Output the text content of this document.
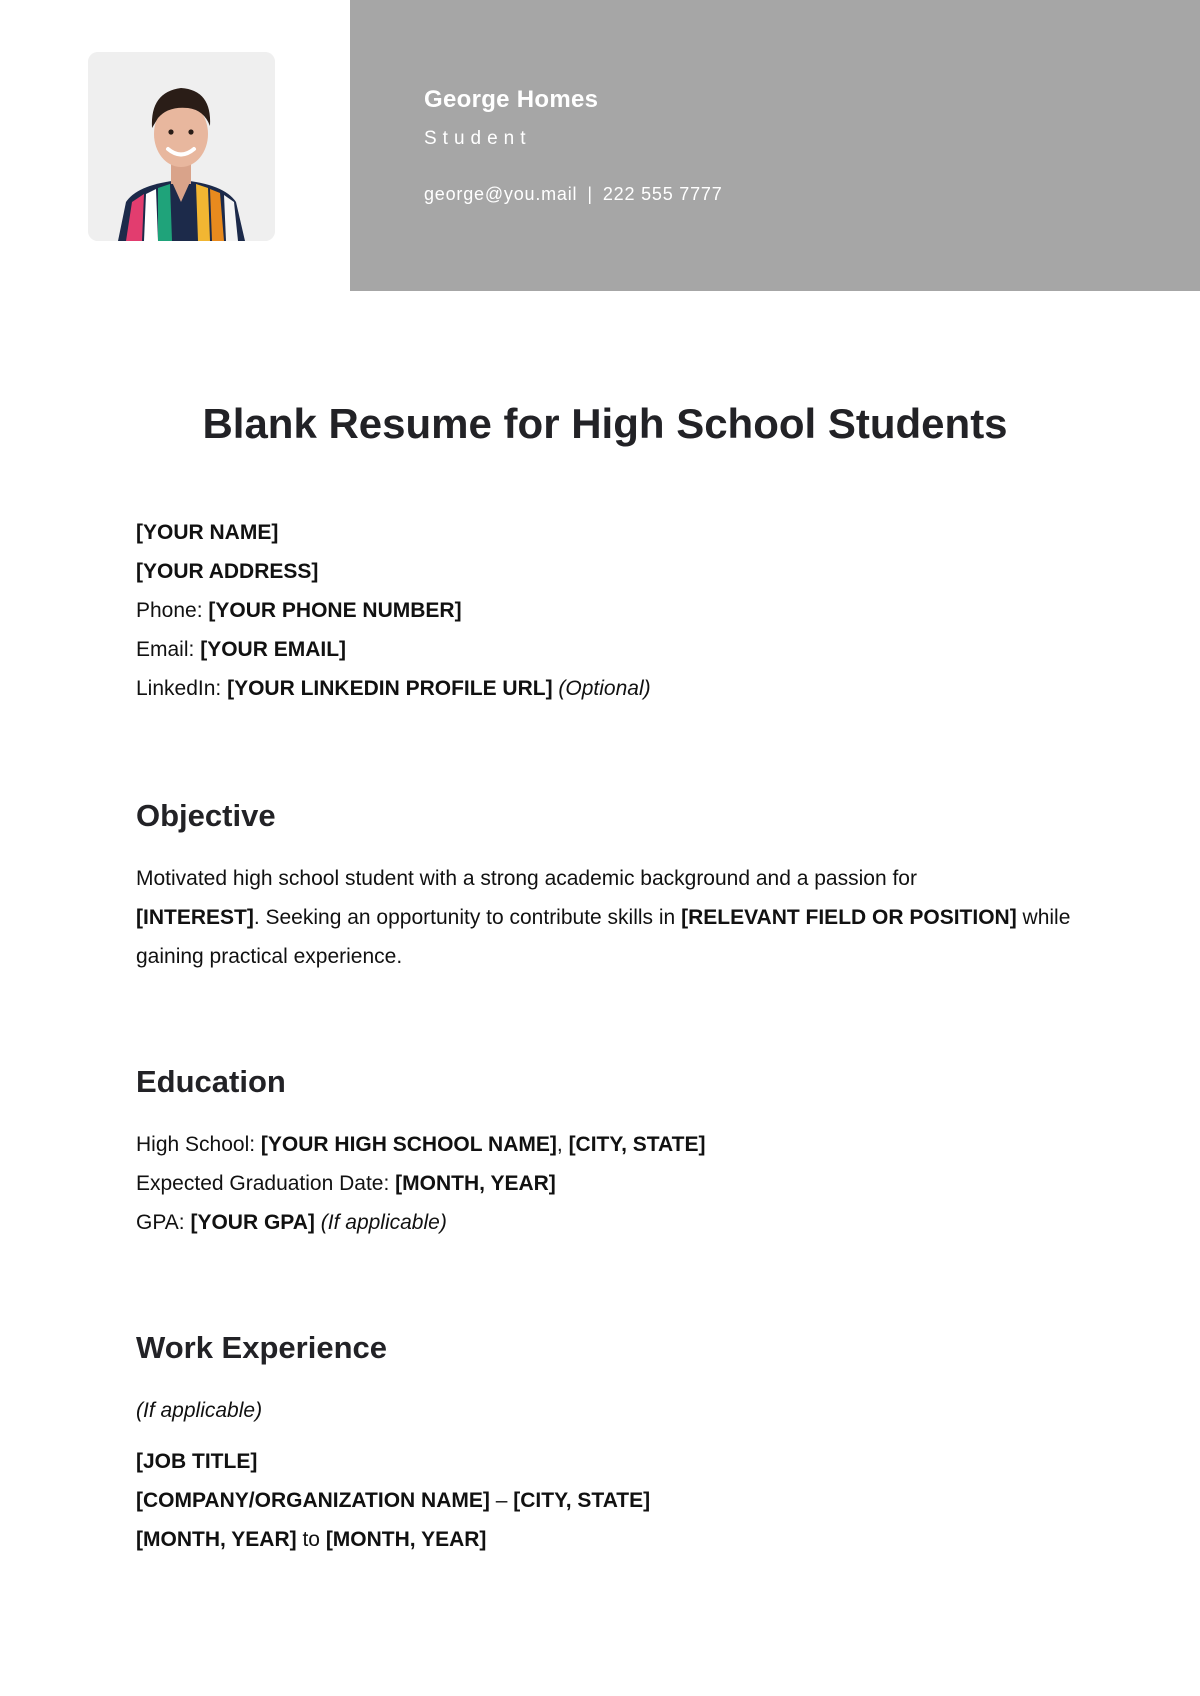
George Homes
Student
george@you.mail | 222 555 7777
Blank Resume for High School Students
[YOUR NAME]
[YOUR ADDRESS]
Phone: [YOUR PHONE NUMBER]
Email: [YOUR EMAIL]
LinkedIn: [YOUR LINKEDIN PROFILE URL] (Optional)
Objective

Motivated high school student with a strong academic background and a passion for
[INTEREST]. Seeking an opportunity to contribute skills in [RELEVANT FIELD OR POSITION] while gaining practical experience.

Education
High School: [YOUR HIGH SCHOOL NAME], [CITY, STATE]
Expected Graduation Date: [MONTH, YEAR]
GPA: [YOUR GPA] (If applicable)
Work Experience
(If applicable)
[JOB TITLE]
[COMPANY/ORGANIZATION NAME] – [CITY, STATE]
[MONTH, YEAR] to [MONTH, YEAR]
